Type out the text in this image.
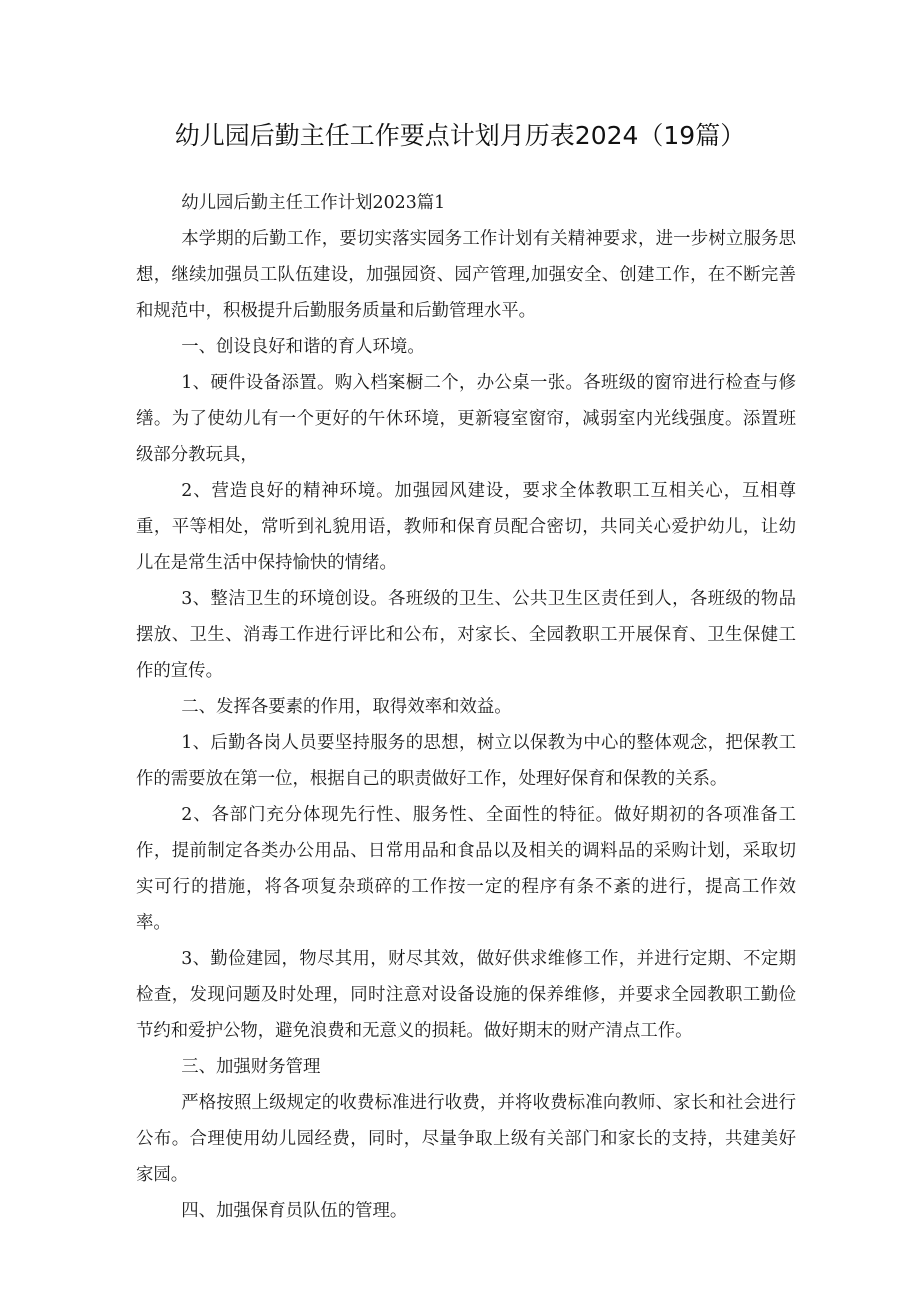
幼儿园后勤主任工作要点计划月历表2024（19篇）

幼儿园后勤主任工作计划2023篇1

本学期的后勤工作，要切实落实园务工作计划有关精神要求，进一步树立服务思想，继续加强员工队伍建设，加强园资、园产管理,加强安全、创建工作，在不断完善和规范中，积极提升后勤服务质量和后勤管理水平。

一、创设良好和谐的育人环境。

1、硬件设备添置。购入档案橱二个，办公桌一张。各班级的窗帘进行检查与修缮。为了使幼儿有一个更好的午休环境，更新寝室窗帘，减弱室内光线强度。添置班级部分教玩具，

2、营造良好的精神环境。加强园风建设，要求全体教职工互相关心，互相尊重，平等相处，常听到礼貌用语，教师和保育员配合密切，共同关心爱护幼儿，让幼儿在是常生活中保持愉快的情绪。

3、整洁卫生的环境创设。各班级的卫生、公共卫生区责任到人，各班级的物品摆放、卫生、消毒工作进行评比和公布，对家长、全园教职工开展保育、卫生保健工作的宣传。

二、发挥各要素的作用，取得效率和效益。

1、后勤各岗人员要坚持服务的思想，树立以保教为中心的整体观念，把保教工作的需要放在第一位，根据自己的职责做好工作，处理好保育和保教的关系。

2、各部门充分体现先行性、服务性、全面性的特征。做好期初的各项准备工作，提前制定各类办公用品、日常用品和食品以及相关的调料品的采购计划，采取切实可行的措施，将各项复杂琐碎的工作按一定的程序有条不紊的进行，提高工作效率。

3、勤俭建园，物尽其用，财尽其效，做好供求维修工作，并进行定期、不定期检查，发现问题及时处理，同时注意对设备设施的保养维修，并要求全园教职工勤俭节约和爱护公物，避免浪费和无意义的损耗。做好期末的财产清点工作。

三、加强财务管理

严格按照上级规定的收费标准进行收费，并将收费标准向教师、家长和社会进行公布。合理使用幼儿园经费，同时，尽量争取上级有关部门和家长的支持，共建美好家园。

四、加强保育员队伍的管理。
